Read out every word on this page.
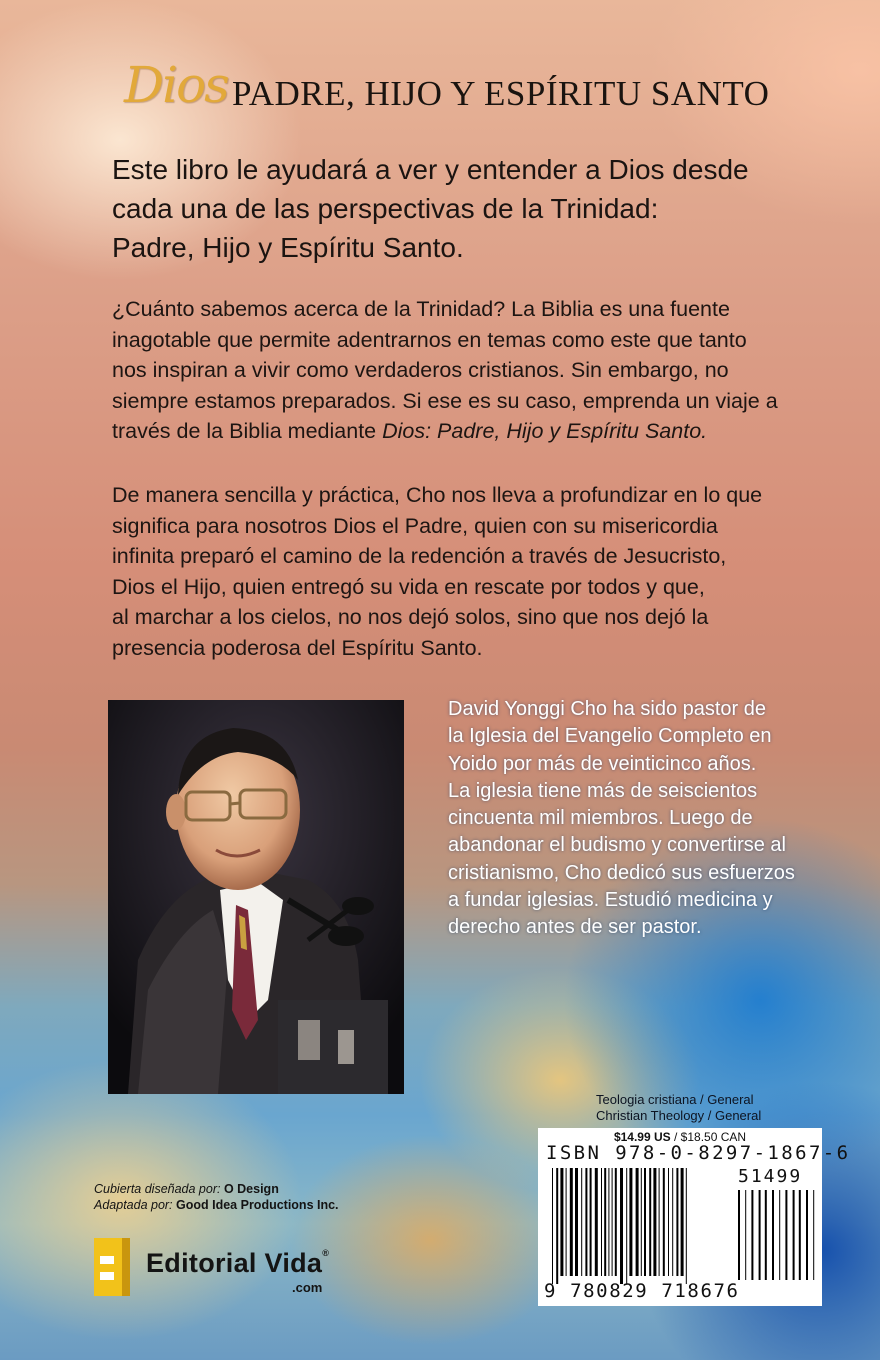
Dios PADRE, HIJO Y ESPÍRITU SANTO
Este libro le ayudará a ver y entender a Dios desde
cada una de las perspectivas de la Trinidad:
Padre, Hijo y Espíritu Santo.
¿Cuánto sabemos acerca de la Trinidad? La Biblia es una fuente
inagotable que permite adentrarnos en temas como este que tanto
nos inspiran a vivir como verdaderos cristianos. Sin embargo, no
siempre estamos preparados. Si ese es su caso, emprenda un viaje a
través de la Biblia mediante Dios: Padre, Hijo y Espíritu Santo.
De manera sencilla y práctica, Cho nos lleva a profundizar en lo que
significa para nosotros Dios el Padre, quien con su misericordia
infinita preparó el camino de la redención a través de Jesucristo,
Dios el Hijo, quien entregó su vida en rescate por todos y que,
al marchar a los cielos, no nos dejó solos, sino que nos dejó la
presencia poderosa del Espíritu Santo.
David Yonggi Cho ha sido pastor de
la Iglesia del Evangelio Completo en
Yoido por más de veinticinco años.
La iglesia tiene más de seiscientos
cincuenta mil miembros. Luego de
abandonar el budismo y convertirse al
cristianismo, Cho dedicó sus esfuerzos
a fundar iglesias. Estudió medicina y
derecho antes de ser pastor.
Teologia cristiana / General
Christian Theology / General
$14.99 US / $18.50 CAN
ISBN 978-0-8297-1867-6
51499
9 780829 718676
Cubierta diseñada por: O Design
Adaptada por: Good Idea Productions Inc.
Editorial Vida®
.com
